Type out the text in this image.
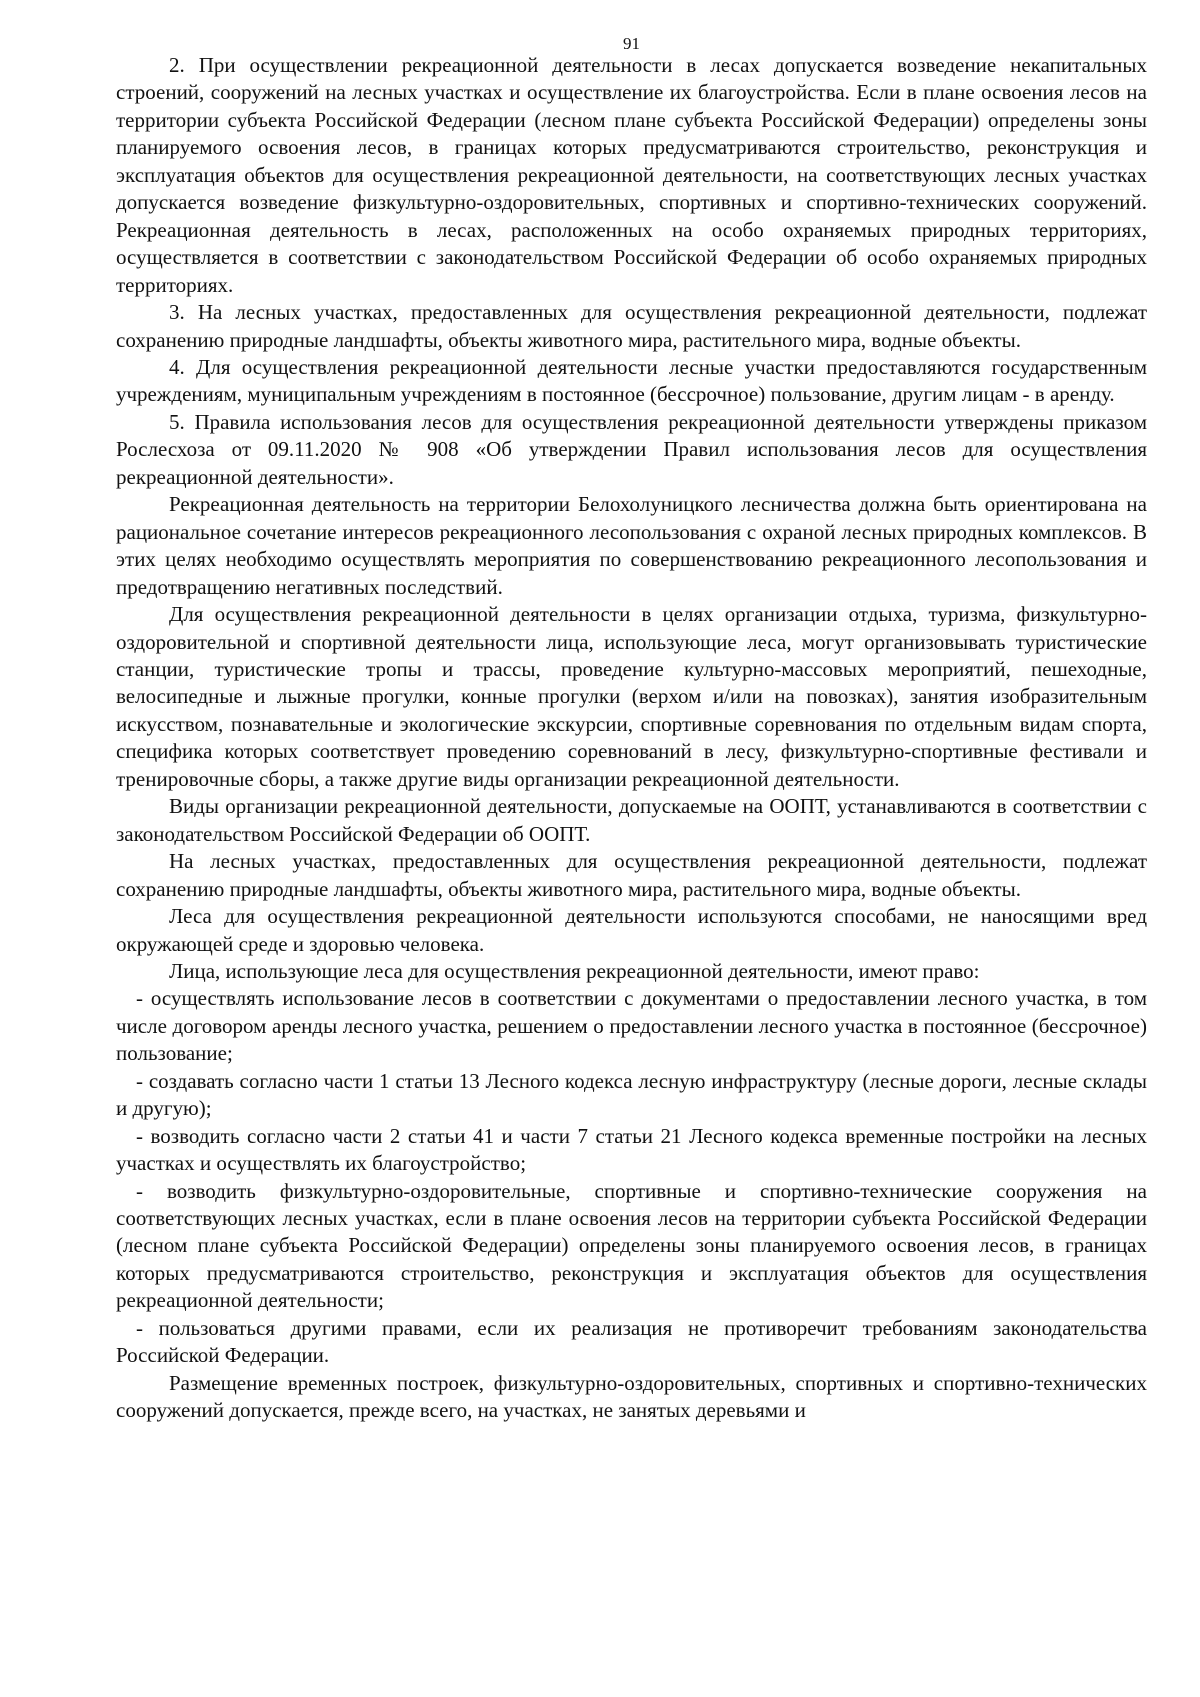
91

2. При осуществлении рекреационной деятельности в лесах допускается возведение некапитальных строений, сооружений на лесных участках и осуществление их благоустройства. Если в плане освоения лесов на территории субъекта Российской Федерации (лесном плане субъекта Российской Федерации) определены зоны планируемого освоения лесов, в границах которых предусматриваются строительство, реконструкция и эксплуатация объектов для осуществления рекреационной деятельности, на соответствующих лесных участках допускается возведение физкультурно-оздоровительных, спортивных и спортивно-технических сооружений. Рекреационная деятельность в лесах, расположенных на особо охраняемых природных территориях, осуществляется в соответствии с законодательством Российской Федерации об особо охраняемых природных территориях.

3. На лесных участках, предоставленных для осуществления рекреационной деятельности, подлежат сохранению природные ландшафты, объекты животного мира, растительного мира, водные объекты.

4. Для осуществления рекреационной деятельности лесные участки предоставляются государственным учреждениям, муниципальным учреждениям в постоянное (бессрочное) пользование, другим лицам - в аренду.

5. Правила использования лесов для осуществления рекреационной деятельности утверждены приказом Рослесхоза от 09.11.2020 № 908 «Об утверждении Правил использования лесов для осуществления рекреационной деятельности».

Рекреационная деятельность на территории Белохолуницкого лесничества должна быть ориентирована на рациональное сочетание интересов рекреационного лесопользования с охраной лесных природных комплексов. В этих целях необходимо осуществлять мероприятия по совершенствованию рекреационного лесопользования и предотвращению негативных последствий.

Для осуществления рекреационной деятельности в целях организации отдыха, туризма, физкультурно-оздоровительной и спортивной деятельности лица, использующие леса, могут организовывать туристические станции, туристические тропы и трассы, проведение культурно-массовых мероприятий, пешеходные, велосипедные и лыжные прогулки, конные прогулки (верхом и/или на повозках), занятия изобразительным искусством, познавательные и экологические экскурсии, спортивные соревнования по отдельным видам спорта, специфика которых соответствует проведению соревнований в лесу, физкультурно-спортивные фестивали и тренировочные сборы, а также другие виды организации рекреационной деятельности.

Виды организации рекреационной деятельности, допускаемые на ООПТ, устанавливаются в соответствии с законодательством Российской Федерации об ООПТ.

На лесных участках, предоставленных для осуществления рекреационной деятельности, подлежат сохранению природные ландшафты, объекты животного мира, растительного мира, водные объекты.

Леса для осуществления рекреационной деятельности используются способами, не наносящими вред окружающей среде и здоровью человека.

Лица, использующие леса для осуществления рекреационной деятельности, имеют право:

- осуществлять использование лесов в соответствии с документами о предоставлении лесного участка, в том числе договором аренды лесного участка, решением о предоставлении лесного участка в постоянное (бессрочное) пользование;

- создавать согласно части 1 статьи 13 Лесного кодекса лесную инфраструктуру (лесные дороги, лесные склады и другую);

- возводить согласно части 2 статьи 41 и части 7 статьи 21 Лесного кодекса временные постройки на лесных участках и осуществлять их благоустройство;

- возводить физкультурно-оздоровительные, спортивные и спортивно-технические сооружения на соответствующих лесных участках, если в плане освоения лесов на территории субъекта Российской Федерации (лесном плане субъекта Российской Федерации) определены зоны планируемого освоения лесов, в границах которых предусматриваются строительство, реконструкция и эксплуатация объектов для осуществления рекреационной деятельности;

- пользоваться другими правами, если их реализация не противоречит требованиям законодательства Российской Федерации.

Размещение временных построек, физкультурно-оздоровительных, спортивных и спортивно-технических сооружений допускается, прежде всего, на участках, не занятых деревьями и
